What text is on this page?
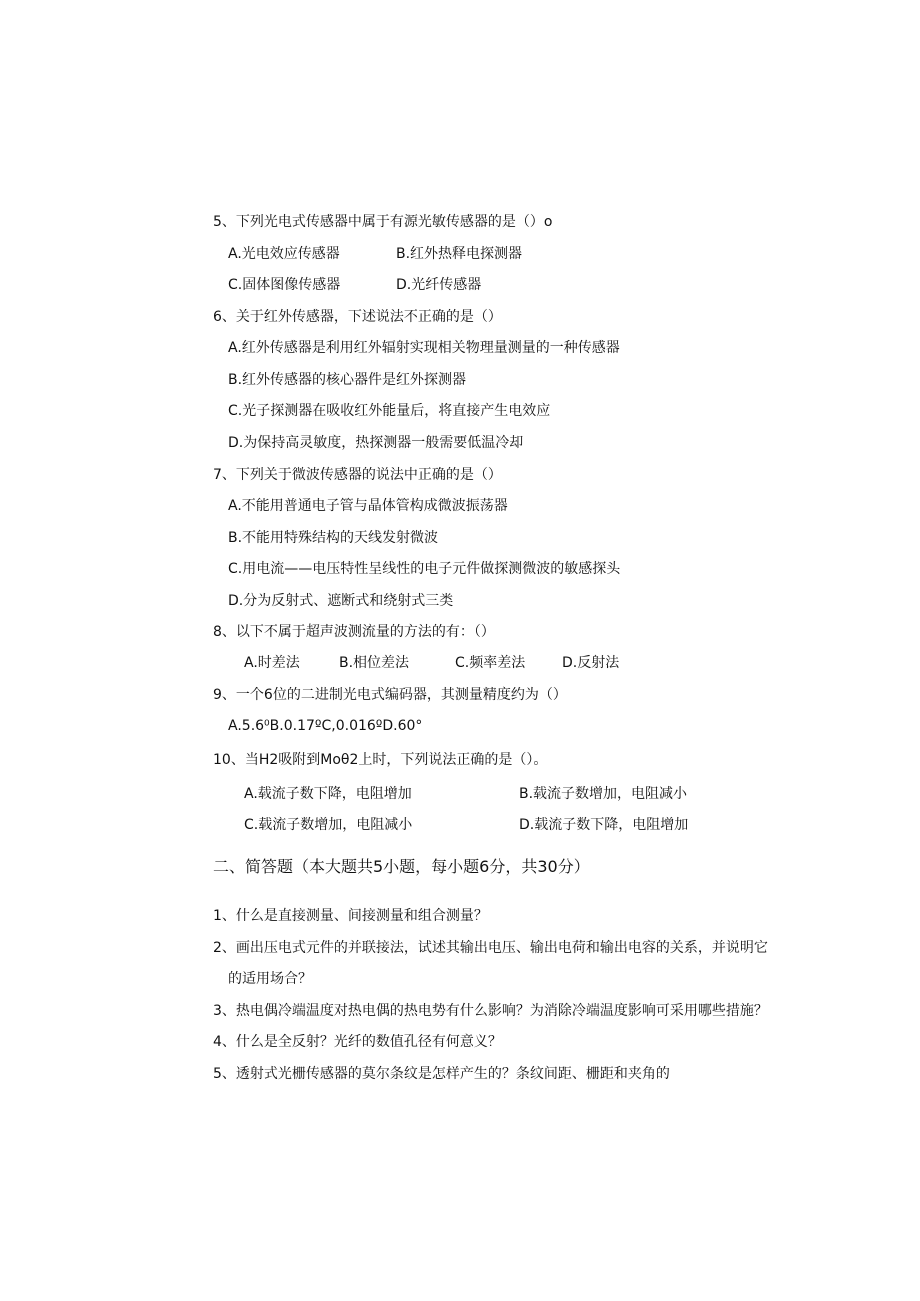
5、下列光电式传感器中属于有源光敏传感器的是（）o
A.光电效应传感器	B.红外热释电探测器
C.固体图像传感器	D.光纤传感器
6、关于红外传感器，下述说法不正确的是（）
A.红外传感器是利用红外辐射实现相关物理量测量的一种传感器
B.红外传感器的核心器件是红外探测器
C.光子探测器在吸收红外能量后，将直接产生电效应
D.为保持高灵敏度，热探测器一般需要低温冷却
7、下列关于微波传感器的说法中正确的是（）
A.不能用普通电子管与晶体管构成微波振荡器
B.不能用特殊结构的天线发射微波
C.用电流——电压特性呈线性的电子元件做探测微波的敏感探头
D.分为反射式、遮断式和绕射式三类
8、以下不属于超声波测流量的方法的有：（）
A.时差法	B.相位差法	C.频率差法	D.反射法
9、一个6位的二进制光电式编码器，其测量精度约为（）
A.5.6⁰B.0.17ºC,0.016ºD.60°
10、当H2吸附到Moθ2上时，下列说法正确的是（）。
A.载流子数下降，电阻增加	B.载流子数增加，电阻减小
C.载流子数增加，电阻减小	D.载流子数下降，电阻增加
二、简答题（本大题共5小题，每小题6分，共30分）
1、什么是直接测量、间接测量和组合测量？
2、画出压电式元件的并联接法，试述其输出电压、输出电荷和输出电容的关系，并说明它
的适用场合？
3、热电偶冷端温度对热电偶的热电势有什么影响？为消除冷端温度影响可采用哪些措施？
4、什么是全反射？光纤的数值孔径有何意义？
5、透射式光栅传感器的莫尔条纹是怎样产生的？条纹间距、栅距和夹角的
